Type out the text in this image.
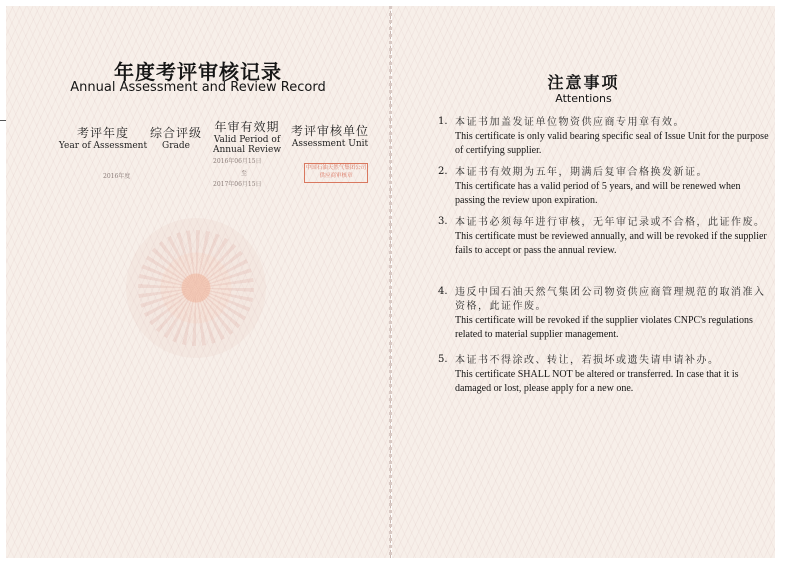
年度考评审核记录
Annual Assessment and Review Record
考评年度
Year of Assessment
综合评级
Grade
年审有效期
Valid Period of Annual Review
考评审核单位
Assessment Unit
2016年度
2016年06月15日
至
2017年06月15日
中国石油天然气集团公司 供应商审核章
注意事项
Attentions
1. 本证书加盖发证单位物资供应商专用章有效。
This certificate is only valid bearing specific seal of Issue Unit for the purpose of certifying supplier.
2. 本证书有效期为五年，期满后复审合格换发新证。
This certificate has a valid period of 5 years, and will be renewed when passing the review upon expiration.
3. 本证书必须每年进行审核，无年审记录或不合格，此证作废。
This certificate must be reviewed annually, and will be revoked if the supplier fails to accept or pass the annual review.
4. 违反中国石油天然气集团公司物资供应商管理规范的取消准入资格，此证作废。
This certificate will be revoked if the supplier violates CNPC's regulations related to material supplier management.
5. 本证书不得涂改、转让，若损坏或遗失请申请补办。
This certificate SHALL NOT be altered or transferred. In case that it is damaged or lost, please apply for a new one.
